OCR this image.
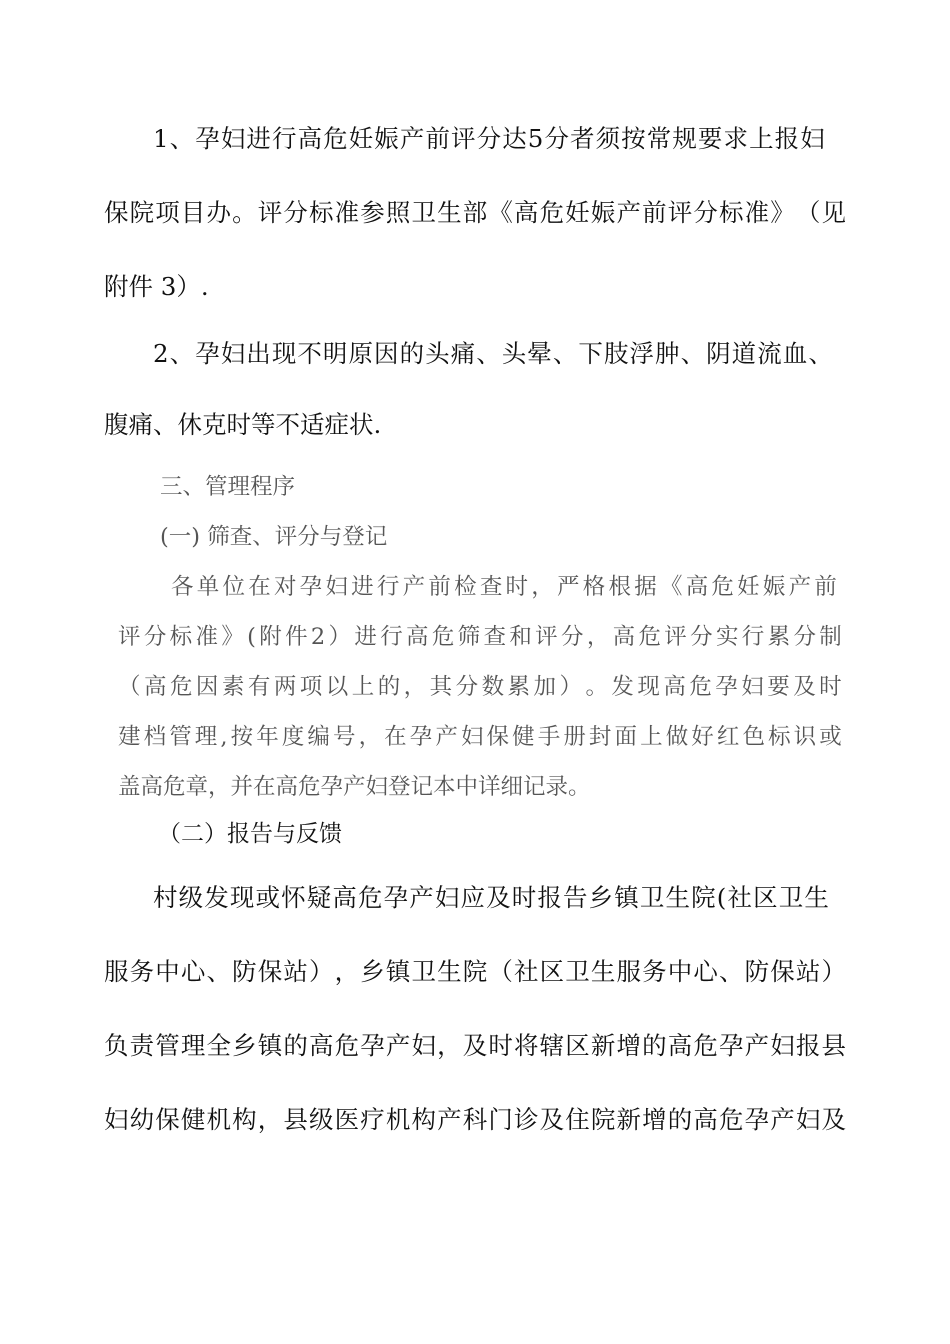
1 、 孕 妇 进 行 高 危 妊 娠 产 前 评 分 达 5 分 者 须 按 常 规 要 求 上 报 妇
保 院 项 目 办 。 评 分 标 准 参 照 卫 生 部 《 高 危 妊 娠 产 前 评 分 标 准 》 （ 见
附件 3）.
2 、 孕 妇 出 现 不 明 原 因 的 头 痛 、 头 晕 、 下 肢 浮 肿 、 阴 道 流 血 、
腹痛、休克时等不适症状.
三、管理程序
(一) 筛查、评分与登记
各 单 位 在 对 孕 妇 进 行 产 前 检 查 时 ， 严 格 根 据 《 高 危 妊 娠 产 前
评 分 标 准 》 ( 附 件 2 ） 进 行 高 危 筛 查 和 评 分 ， 高 危 评 分 实 行 累 分 制
（ 高 危 因 素 有 两 项 以 上 的 ， 其 分 数 累 加 ） 。 发 现 高 危 孕 妇 要 及 时
建 档 管 理 , 按 年 度 编 号 ， 在 孕 产 妇 保 健 手 册 封 面 上 做 好 红 色 标 识 或
盖高危章，并在高危孕产妇登记本中详细记录。
（二）报告与反馈
村 级 发 现 或 怀 疑 高 危 孕 产 妇 应 及 时 报 告 乡 镇 卫 生 院 ( 社 区 卫 生
服 务 中 心 、 防 保 站 ） ， 乡 镇 卫 生 院 （ 社 区 卫 生 服 务 中 心 、 防 保 站 ）
负 责 管 理 全 乡 镇 的 高 危 孕 产 妇 ， 及 时 将 辖 区 新 增 的 高 危 孕 产 妇 报 县
妇 幼 保 健 机 构 ， 县 级 医 疗 机 构 产 科 门 诊 及 住 院 新 增 的 高 危 孕 产 妇 及
